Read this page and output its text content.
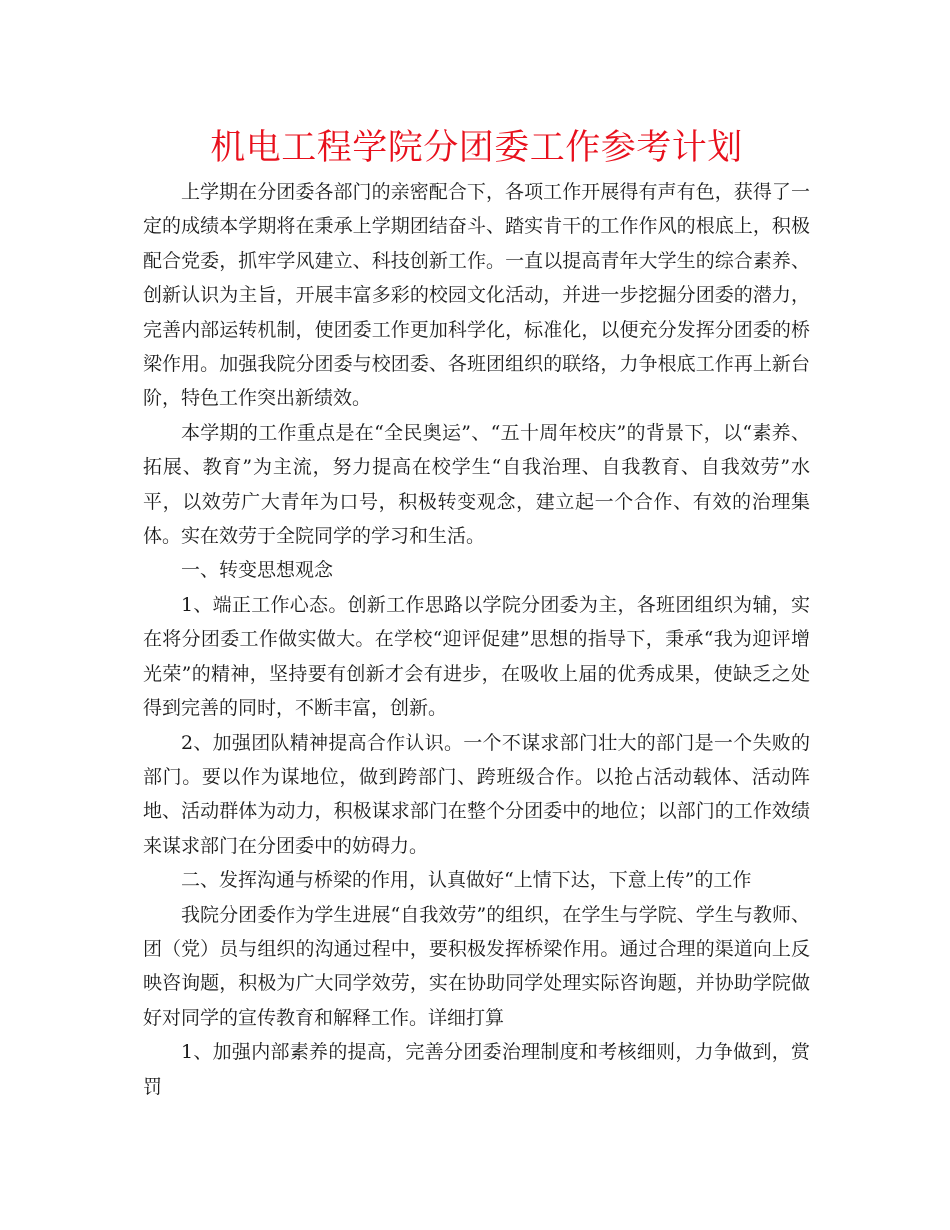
机电工程学院分团委工作参考计划

上学期在分团委各部门的亲密配合下，各项工作开展得有声有色，获得了一定的成绩本学期将在秉承上学期团结奋斗、踏实肯干的工作作风的根底上，积极配合党委，抓牢学风建立、科技创新工作。一直以提高青年大学生的综合素养、创新认识为主旨，开展丰富多彩的校园文化活动，并进一步挖掘分团委的潜力，完善内部运转机制，使团委工作更加科学化，标准化，以便充分发挥分团委的桥梁作用。加强我院分团委与校团委、各班团组织的联络，力争根底工作再上新台阶，特色工作突出新绩效。

本学期的工作重点是在“全民奥运”、“五十周年校庆”的背景下，以“素养、拓展、教育”为主流，努力提高在校学生“自我治理、自我教育、自我效劳”水平，以效劳广大青年为口号，积极转变观念，建立起一个合作、有效的治理集体。实在效劳于全院同学的学习和生活。

一、转变思想观念

1、端正工作心态。创新工作思路以学院分团委为主，各班团组织为辅，实在将分团委工作做实做大。在学校“迎评促建”思想的指导下，秉承“我为迎评增光荣”的精神，坚持要有创新才会有进步，在吸收上届的优秀成果，使缺乏之处得到完善的同时，不断丰富，创新。

2、加强团队精神提高合作认识。一个不谋求部门壮大的部门是一个失败的部门。要以作为谋地位，做到跨部门、跨班级合作。以抢占活动载体、活动阵地、活动群体为动力，积极谋求部门在整个分团委中的地位；以部门的工作效绩来谋求部门在分团委中的妨碍力。

二、发挥沟通与桥梁的作用，认真做好“上情下达，下意上传”的工作

我院分团委作为学生进展“自我效劳”的组织，在学生与学院、学生与教师、团（党）员与组织的沟通过程中，要积极发挥桥梁作用。通过合理的渠道向上反映咨询题，积极为广大同学效劳，实在协助同学处理实际咨询题，并协助学院做好对同学的宣传教育和解释工作。详细打算

1、加强内部素养的提高，完善分团委治理制度和考核细则，力争做到，赏罚
